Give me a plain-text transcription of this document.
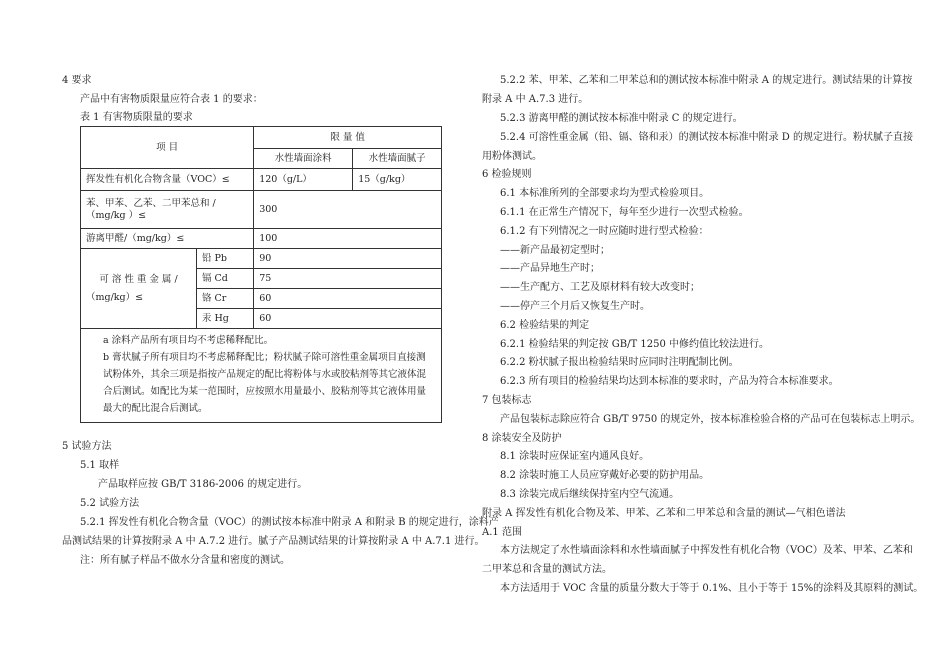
4 要求
产品中有害物质限量应符合表 1 的要求：
表 1 有害物质限量的要求
项 目		限 量 值	
		水性墙面涂料	水性墙面腻子
挥发性有机化合物含量（VOC）≤		120（g/L）	15（g/kg）

苯、甲苯、乙苯、二甲苯总和 /
（mg/kg ）≤		300	
游离甲醛/（mg/kg）≤		100	

可 溶 性 重 金 属 /
（mg/kg）≤	铅 Pb	90	
	镉 Cd	75	
	铬 Cr	60	
	汞 Hg	60	

a 涂料产品所有项目均不考虑稀释配比。
b 膏状腻子所有项目均不考虑稀释配比；粉状腻子除可溶性重金属项目直接测试粉体外，其余三项是指按产品规定的配比将粉体与水或胶粘剂等其它液体混合后测试。如配比为某一范围时，应按照水用量最小、胶粘剂等其它液体用量最大的配比混合后测试。			
5 试验方法
5.1 取样
产品取样应按 GB/T 3186-2006 的规定进行。
5.2 试验方法
5.2.1 挥发性有机化合物含量（VOC）的测试按本标准中附录 A 和附录 B 的规定进行，涂料产
品测试结果的计算按附录 A 中 A.7.2 进行。腻子产品测试结果的计算按附录 A 中 A.7.1 进行。
注：所有腻子样品不做水分含量和密度的测试。
5.2.2 苯、甲苯、乙苯和二甲苯总和的测试按本标准中附录 A 的规定进行。测试结果的计算按
附录 A 中 A.7.3 进行。
5.2.3 游离甲醛的测试按本标准中附录 C 的规定进行。
5.2.4 可溶性重金属（铅、镉、铬和汞）的测试按本标准中附录 D 的规定进行。粉状腻子直接
用粉体测试。
6 检验规则
6.1 本标准所列的全部要求均为型式检验项目。
6.1.1 在正常生产情况下，每年至少进行一次型式检验。
6.1.2 有下列情况之一时应随时进行型式检验：
——新产品最初定型时；
——产品异地生产时；
——生产配方、工艺及原材料有较大改变时；
——停产三个月后又恢复生产时。
6.2 检验结果的判定
6.2.1 检验结果的判定按 GB/T 1250 中修约值比较法进行。
6.2.2 粉状腻子报出检验结果时应同时注明配制比例。
6.2.3 所有项目的检验结果均达到本标准的要求时，产品为符合本标准要求。
7 包装标志
产品包装标志除应符合 GB/T 9750 的规定外，按本标准检验合格的产品可在包装标志上明示。
8 涂装安全及防护
8.1 涂装时应保证室内通风良好。
8.2 涂装时施工人员应穿戴好必要的防护用品。
8.3 涂装完成后继续保持室内空气流通。
附录 A 挥发性有机化合物及苯、甲苯、乙苯和二甲苯总和含量的测试—气相色谱法
A.1 范围
本方法规定了水性墙面涂料和水性墙面腻子中挥发性有机化合物（VOC）及苯、甲苯、乙苯和
二甲苯总和含量的测试方法。
本方法适用于 VOC 含量的质量分数大于等于 0.1%、且小于等于 15%的涂料及其原料的测试。
